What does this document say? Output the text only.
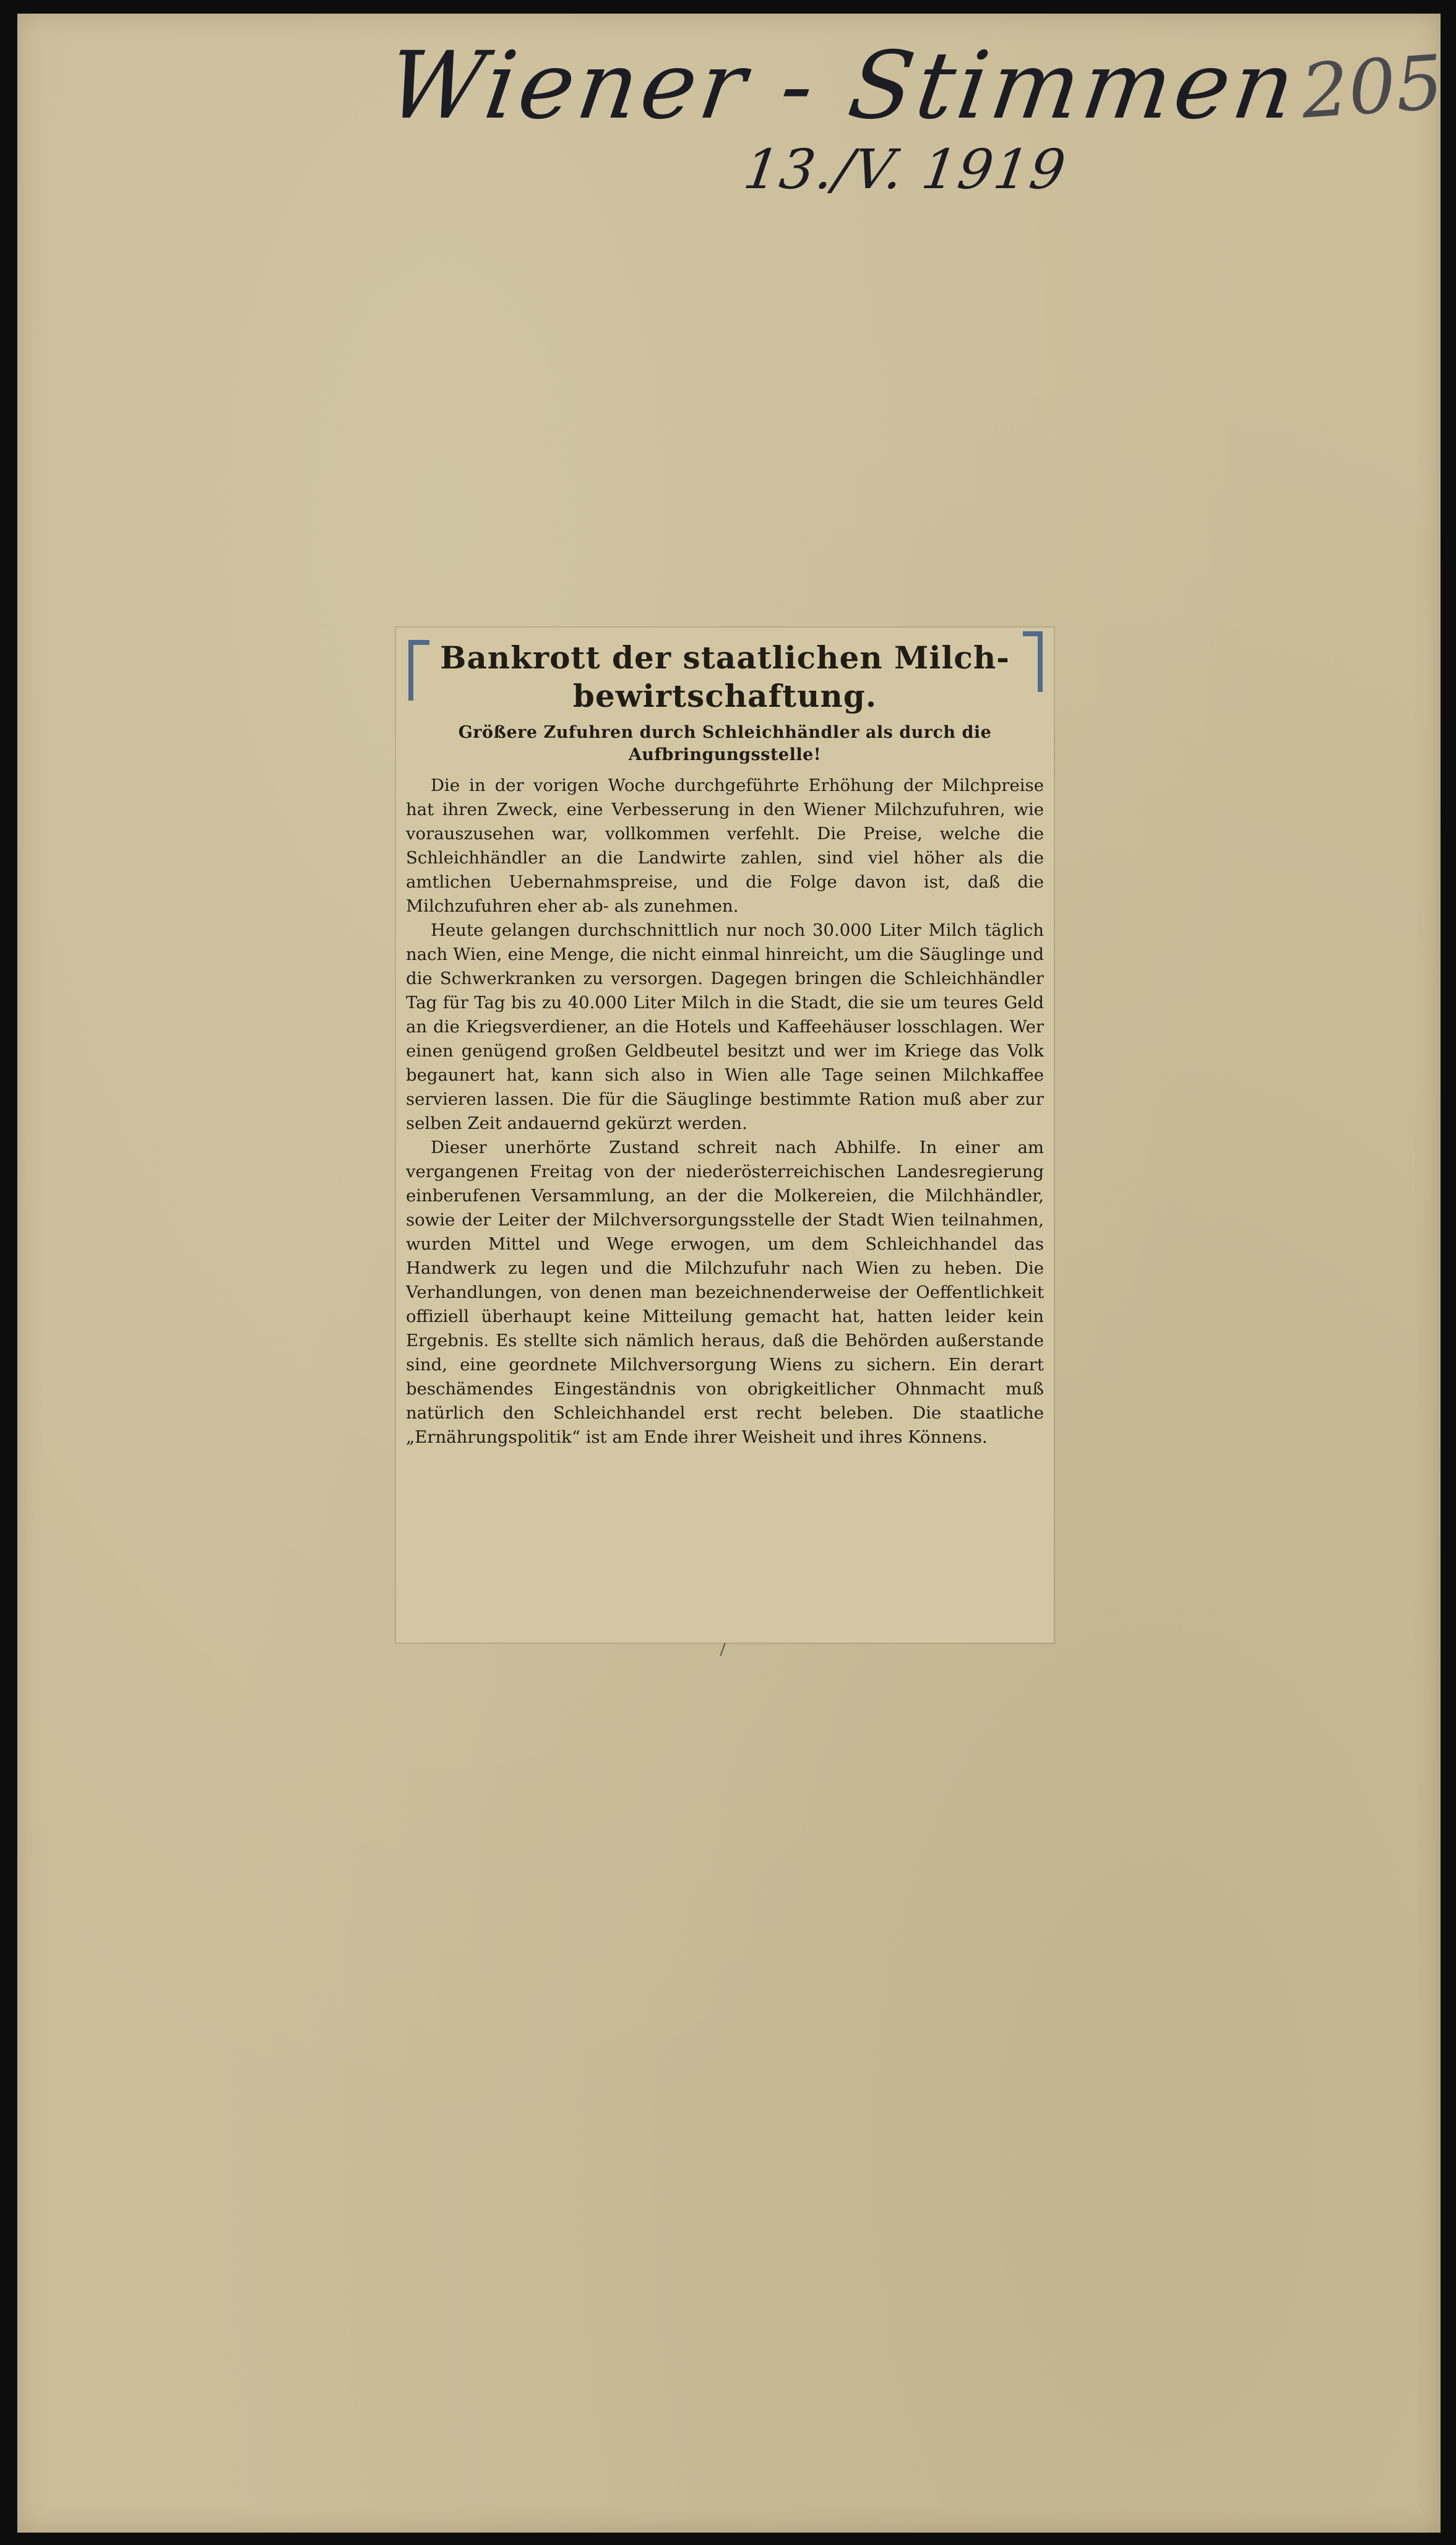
Wiener - Stimmen
13./V. 1919
205
Bankrott der staatlichen Milch-bewirtschaftung.
Größere Zufuhren durch Schleichhändler als durch die Aufbringungsstelle!

Die in der vorigen Woche durchgeführte Erhöhung der Milchpreise hat ihren Zweck, eine Verbesserung in den Wiener Milchzufuhren, wie vorauszusehen war, vollkommen verfehlt. Die Preise, welche die Schleichhändler an die Landwirte zahlen, sind viel höher als die amtlichen Uebernahmspreise, und die Folge davon ist, daß die Milchzufuhren eher ab- als zunehmen.

Heute gelangen durchschnittlich nur noch 30.000 Liter Milch täglich nach Wien, eine Menge, die nicht einmal hinreicht, um die Säuglinge und die Schwerkranken zu versorgen. Dagegen bringen die Schleichhändler Tag für Tag bis zu 40.000 Liter Milch in die Stadt, die sie um teures Geld an die Kriegsverdiener, an die Hotels und Kaffeehäuser losschlagen. Wer einen genügend großen Geldbeutel besitzt und wer im Kriege das Volk begaunert hat, kann sich also in Wien alle Tage seinen Milchkaffee servieren lassen. Die für die Säuglinge bestimmte Ration muß aber zur selben Zeit andauernd gekürzt werden.

Dieser unerhörte Zustand schreit nach Abhilfe. In einer am vergangenen Freitag von der niederösterreichischen Landesregierung einberufenen Versammlung, an der die Molkereien, die Milchhändler, sowie der Leiter der Milchversorgungsstelle der Stadt Wien teilnahmen, wurden Mittel und Wege erwogen, um dem Schleichhandel das Handwerk zu legen und die Milchzufuhr nach Wien zu heben. Die Verhandlungen, von denen man bezeichnenderweise der Oeffentlichkeit offiziell überhaupt keine Mitteilung gemacht hat, hatten leider kein Ergebnis. Es stellte sich nämlich heraus, daß die Behörden außerstande sind, eine geordnete Milchversorgung Wiens zu sichern. Ein derart beschämendes Eingeständnis von obrigkeitlicher Ohnmacht muß natürlich den Schleichhandel erst recht beleben. Die staatliche „Ernährungspolitik“ ist am Ende ihrer Weisheit und ihres Könnens.
